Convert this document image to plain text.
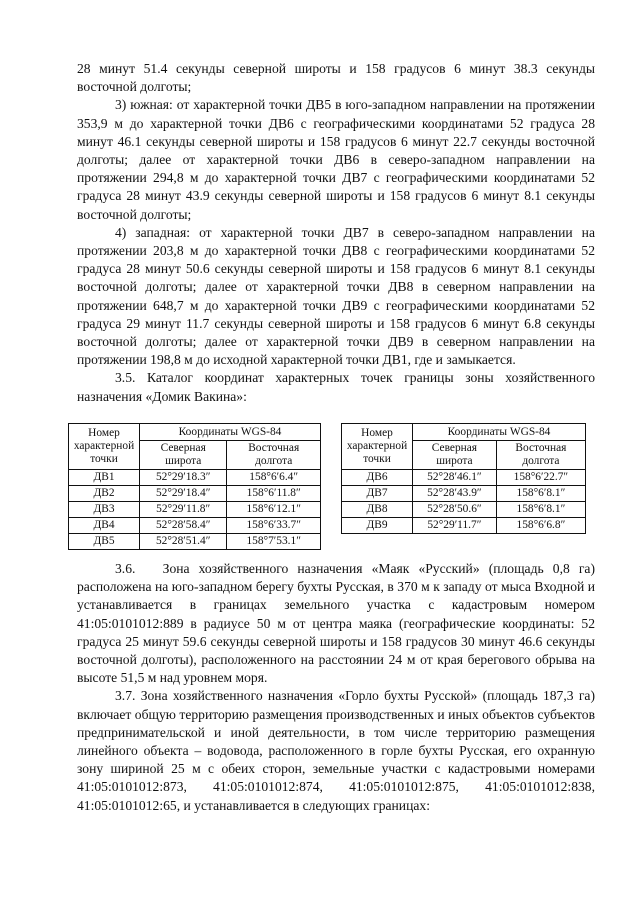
28 минут 51.4 секунды северной широты и 158 градусов 6 минут 38.3 секунды восточной долготы;

3) южная: от характерной точки ДВ5 в юго-западном направлении на протяжении 353,9 м до характерной точки ДВ6 с географическими координатами 52 градуса 28 минут 46.1 секунды северной широты и 158 градусов 6 минут 22.7 секунды восточной долготы; далее от характерной точки ДВ6 в северо-западном направлении на протяжении 294,8 м до характерной точки ДВ7 с географическими координатами 52 градуса 28 минут 43.9 секунды северной широты и 158 градусов 6 минут 8.1 секунды восточной долготы;

4) западная: от характерной точки ДВ7 в северо-западном направлении на протяжении 203,8 м до характерной точки ДВ8 с географическими координатами 52 градуса 28 минут 50.6 секунды северной широты и 158 градусов 6 минут 8.1 секунды восточной долготы; далее от характерной точки ДВ8 в северном направлении на протяжении 648,7 м до характерной точки ДВ9 с географическими координатами 52 градуса 29 минут 11.7 секунды северной широты и 158 градусов 6 минут 6.8 секунды восточной долготы; далее от характерной точки ДВ9 в северном направлении на протяжении 198,8 м до исходной характерной точки ДВ1, где и замыкается.

3.5. Каталог координат характерных точек границы зоны хозяйственного назначения «Домик Вакина»:

Номер характерной точки	Координаты WGS-84	
	Северная широта	Восточная долгота
ДВ1	52°29′18.3″	158°6′6.4″
ДВ2	52°29′18.4″	158°6′11.8″
ДВ3	52°29′11.8″	158°6′12.1″
ДВ4	52°28′58.4″	158°6′33.7″
ДВ5	52°28′51.4″	158°7′53.1″
Номер характерной точки	Координаты WGS-84	
	Северная широта	Восточная долгота
ДВ6	52°28′46.1″	158°6′22.7″
ДВ7	52°28′43.9″	158°6′8.1″
ДВ8	52°28′50.6″	158°6′8.1″
ДВ9	52°29′11.7″	158°6′6.8″

3.6.   Зона хозяйственного назначения «Маяк «Русский» (площадь 0,8 га) расположена на юго-западном берегу бухты Русская, в 370 м к западу от мыса Входной и устанавливается в границах земельного участка с кадастровым номером 41:05:0101012:889 в радиусе 50 м от центра маяка (географические координаты: 52 градуса 25 минут 59.6 секунды северной широты и 158 градусов 30 минут 46.6 секунды восточной долготы), расположенного на расстоянии 24 м от края берегового обрыва на высоте 51,5 м над уровнем моря.

3.7. Зона хозяйственного назначения «Горло бухты Русской» (площадь 187,3 га) включает общую территорию размещения производственных и иных объектов субъектов предпринимательской и иной деятельности, в том числе территорию размещения линейного объекта – водовода, расположенного в горле бухты Русская, его охранную зону шириной 25 м с обеих сторон, земельные участки с кадастровыми номерами 41:05:0101012:873, 41:05:0101012:874, 41:05:0101012:875, 41:05:0101012:838, 41:05:0101012:65, и устанавливается в следующих границах:
